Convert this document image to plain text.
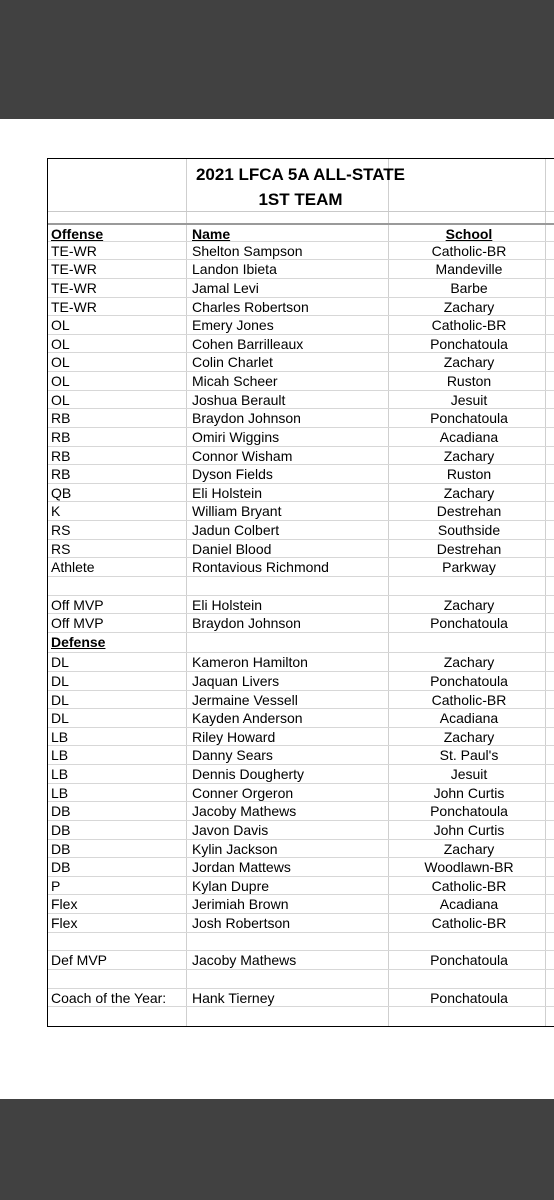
2021 LFCA 5A ALL-STATE
1ST TEAM
Offense	Name	School
TE-WR	Shelton Sampson	Catholic-BR
TE-WR	Landon Ibieta	Mandeville
TE-WR	Jamal Levi	Barbe
TE-WR	Charles Robertson	Zachary
OL	Emery Jones	Catholic-BR
OL	Cohen Barrilleaux	Ponchatoula
OL	Colin Charlet	Zachary
OL	Micah Scheer	Ruston
OL	Joshua Berault	Jesuit
RB	Braydon Johnson	Ponchatoula
RB	Omiri Wiggins	Acadiana
RB	Connor Wisham	Zachary
RB	Dyson Fields	Ruston
QB	Eli Holstein	Zachary
K	William Bryant	Destrehan
RS	Jadun Colbert	Southside
RS	Daniel Blood	Destrehan
Athlete	Rontavious Richmond	Parkway
Off MVP	Eli Holstein	Zachary
Off MVP	Braydon Johnson	Ponchatoula
Defense
DL	Kameron Hamilton	Zachary
DL	Jaquan Livers	Ponchatoula
DL	Jermaine Vessell	Catholic-BR
DL	Kayden Anderson	Acadiana
LB	Riley Howard	Zachary
LB	Danny Sears	St. Paul's
LB	Dennis Dougherty	Jesuit
LB	Conner Orgeron	John Curtis
DB	Jacoby Mathews	Ponchatoula
DB	Javon Davis	John Curtis
DB	Kylin Jackson	Zachary
DB	Jordan Mattews	Woodlawn-BR
P	Kylan Dupre	Catholic-BR
Flex	Jerimiah Brown	Acadiana
Flex	Josh Robertson	Catholic-BR
Def MVP	Jacoby Mathews	Ponchatoula
Coach of the Year: Hank Tierney	Ponchatoula
